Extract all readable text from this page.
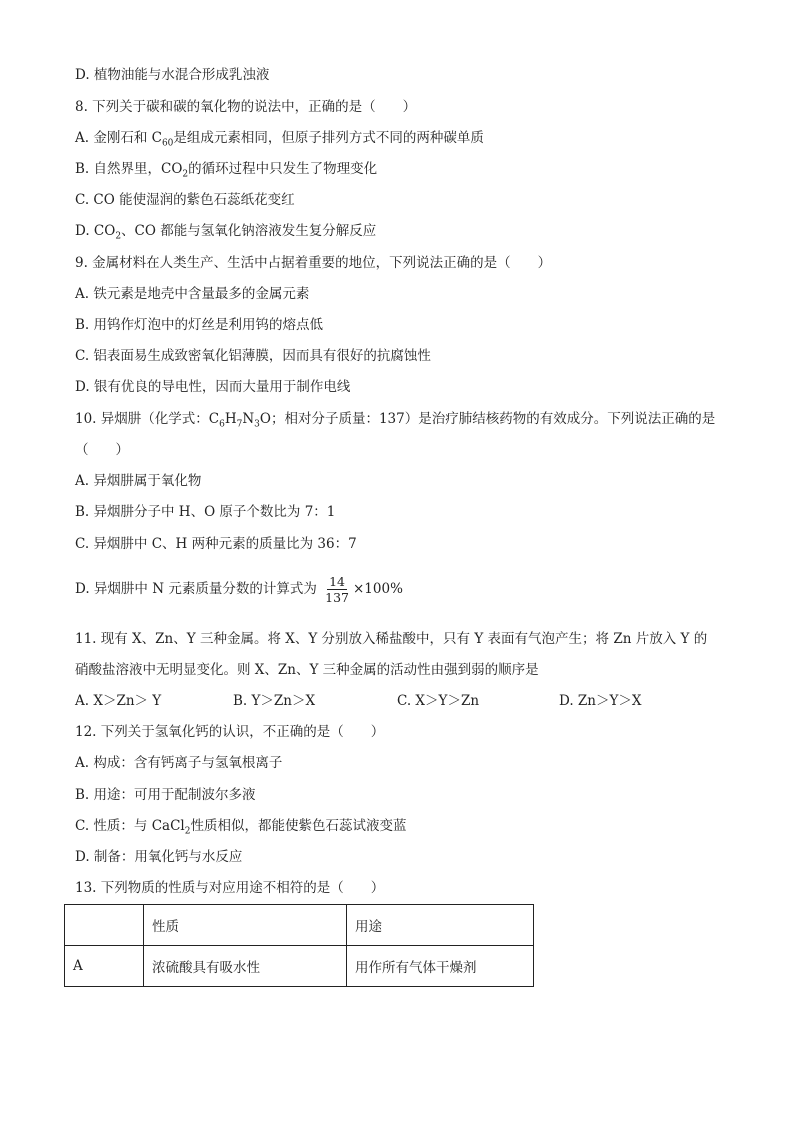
D. 植物油能与水混合形成乳浊液
8. 下列关于碳和碳的氧化物的说法中，正确的是（　　）
A. 金刚石和 $C_{60}$是组成元素相同，但原子排列方式不同的两种碳单质
B. 自然界里，$CO_2$的循环过程中只发生了物理变化
C. CO 能使湿润的紫色石蕊纸花变红
D. $CO_2$、CO 都能与氢氧化钠溶液发生复分解反应
9. 金属材料在人类生产、生活中占据着重要的地位，下列说法正确的是（　　）
A. 铁元素是地壳中含量最多的金属元素
B. 用钨作灯泡中的灯丝是利用钨的熔点低
C. 铝表面易生成致密氧化铝薄膜，因而具有很好的抗腐蚀性
D. 银有优良的导电性，因而大量用于制作电线
10. 异烟肼（化学式：$C_6H_7N_3O$；相对分子质量：137）是治疗肺结核药物的有效成分。下列说法正确的是
（　　）
A. 异烟肼属于氧化物
B. 异烟肼分子中 H、O 原子个数比为 7：1
C. 异烟肼中 C、H 两种元素的质量比为 36：7
D. 异烟肼中 N 元素质量分数的计算式为 $\frac{14}{137} \times 100\%$
11. 现有 X、Zn、Y 三种金属。将 X、Y 分别放入稀盐酸中，只有 Y 表面有气泡产生；将 Zn 片放入 Y 的
硝酸盐溶液中无明显变化。则 X、Zn、Y 三种金属的活动性由强到弱的顺序是
A. X＞Zn＞ Y	B. Y＞Zn＞X	C. X＞Y＞Zn	D. Zn＞Y＞X
12. 下列关于氢氧化钙的认识，不正确的是（　　）
A. 构成：含有钙离子与氢氧根离子
B. 用途：可用于配制波尔多液
C. 性质：与 CaCl$_2$性质相似，都能使紫色石蕊试液变蓝
D. 制备：用氧化钙与水反应
13. 下列物质的性质与对应用途不相符的是（　　）
	性质	用途
A	浓硫酸具有吸水性	用作所有气体干燥剂
